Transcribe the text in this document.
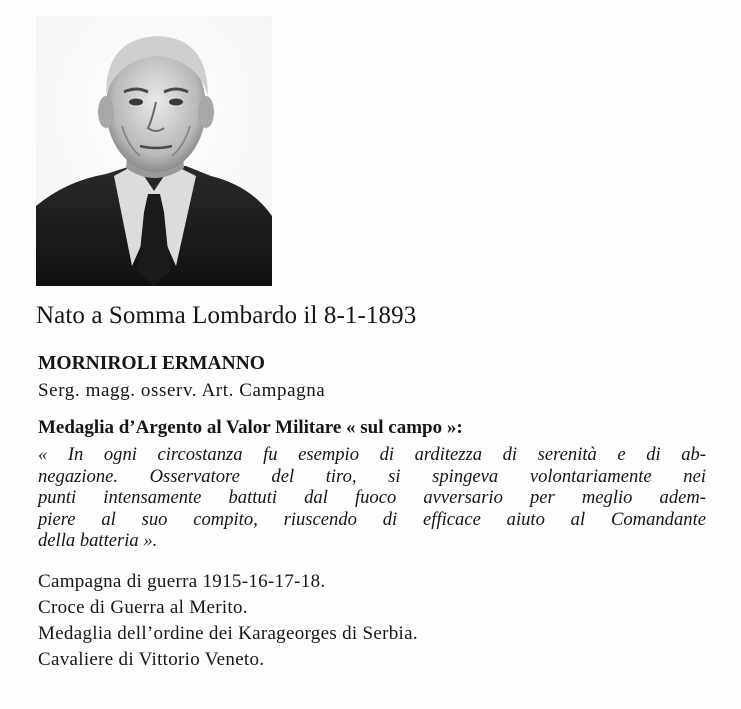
Nato a Somma Lombardo il 8-1-1893
MORNIROLI ERMANNO
Serg. magg. osserv. Art. Campagna
Medaglia d’Argento al Valor Militare « sul campo »:
« In ogni circostanza fu esempio di arditezza di serenità e di ab-
negazione. Osservatore del tiro, si spingeva volontariamente nei
punti intensamente battuti dal fuoco avversario per meglio adem-
piere al suo compito, riuscendo di efficace aiuto al Comandante
della batteria ».
Campagna di guerra 1915-16-17-18.
Croce di Guerra al Merito.
Medaglia dell’ordine dei Karageorges di Serbia.
Cavaliere di Vittorio Veneto.
